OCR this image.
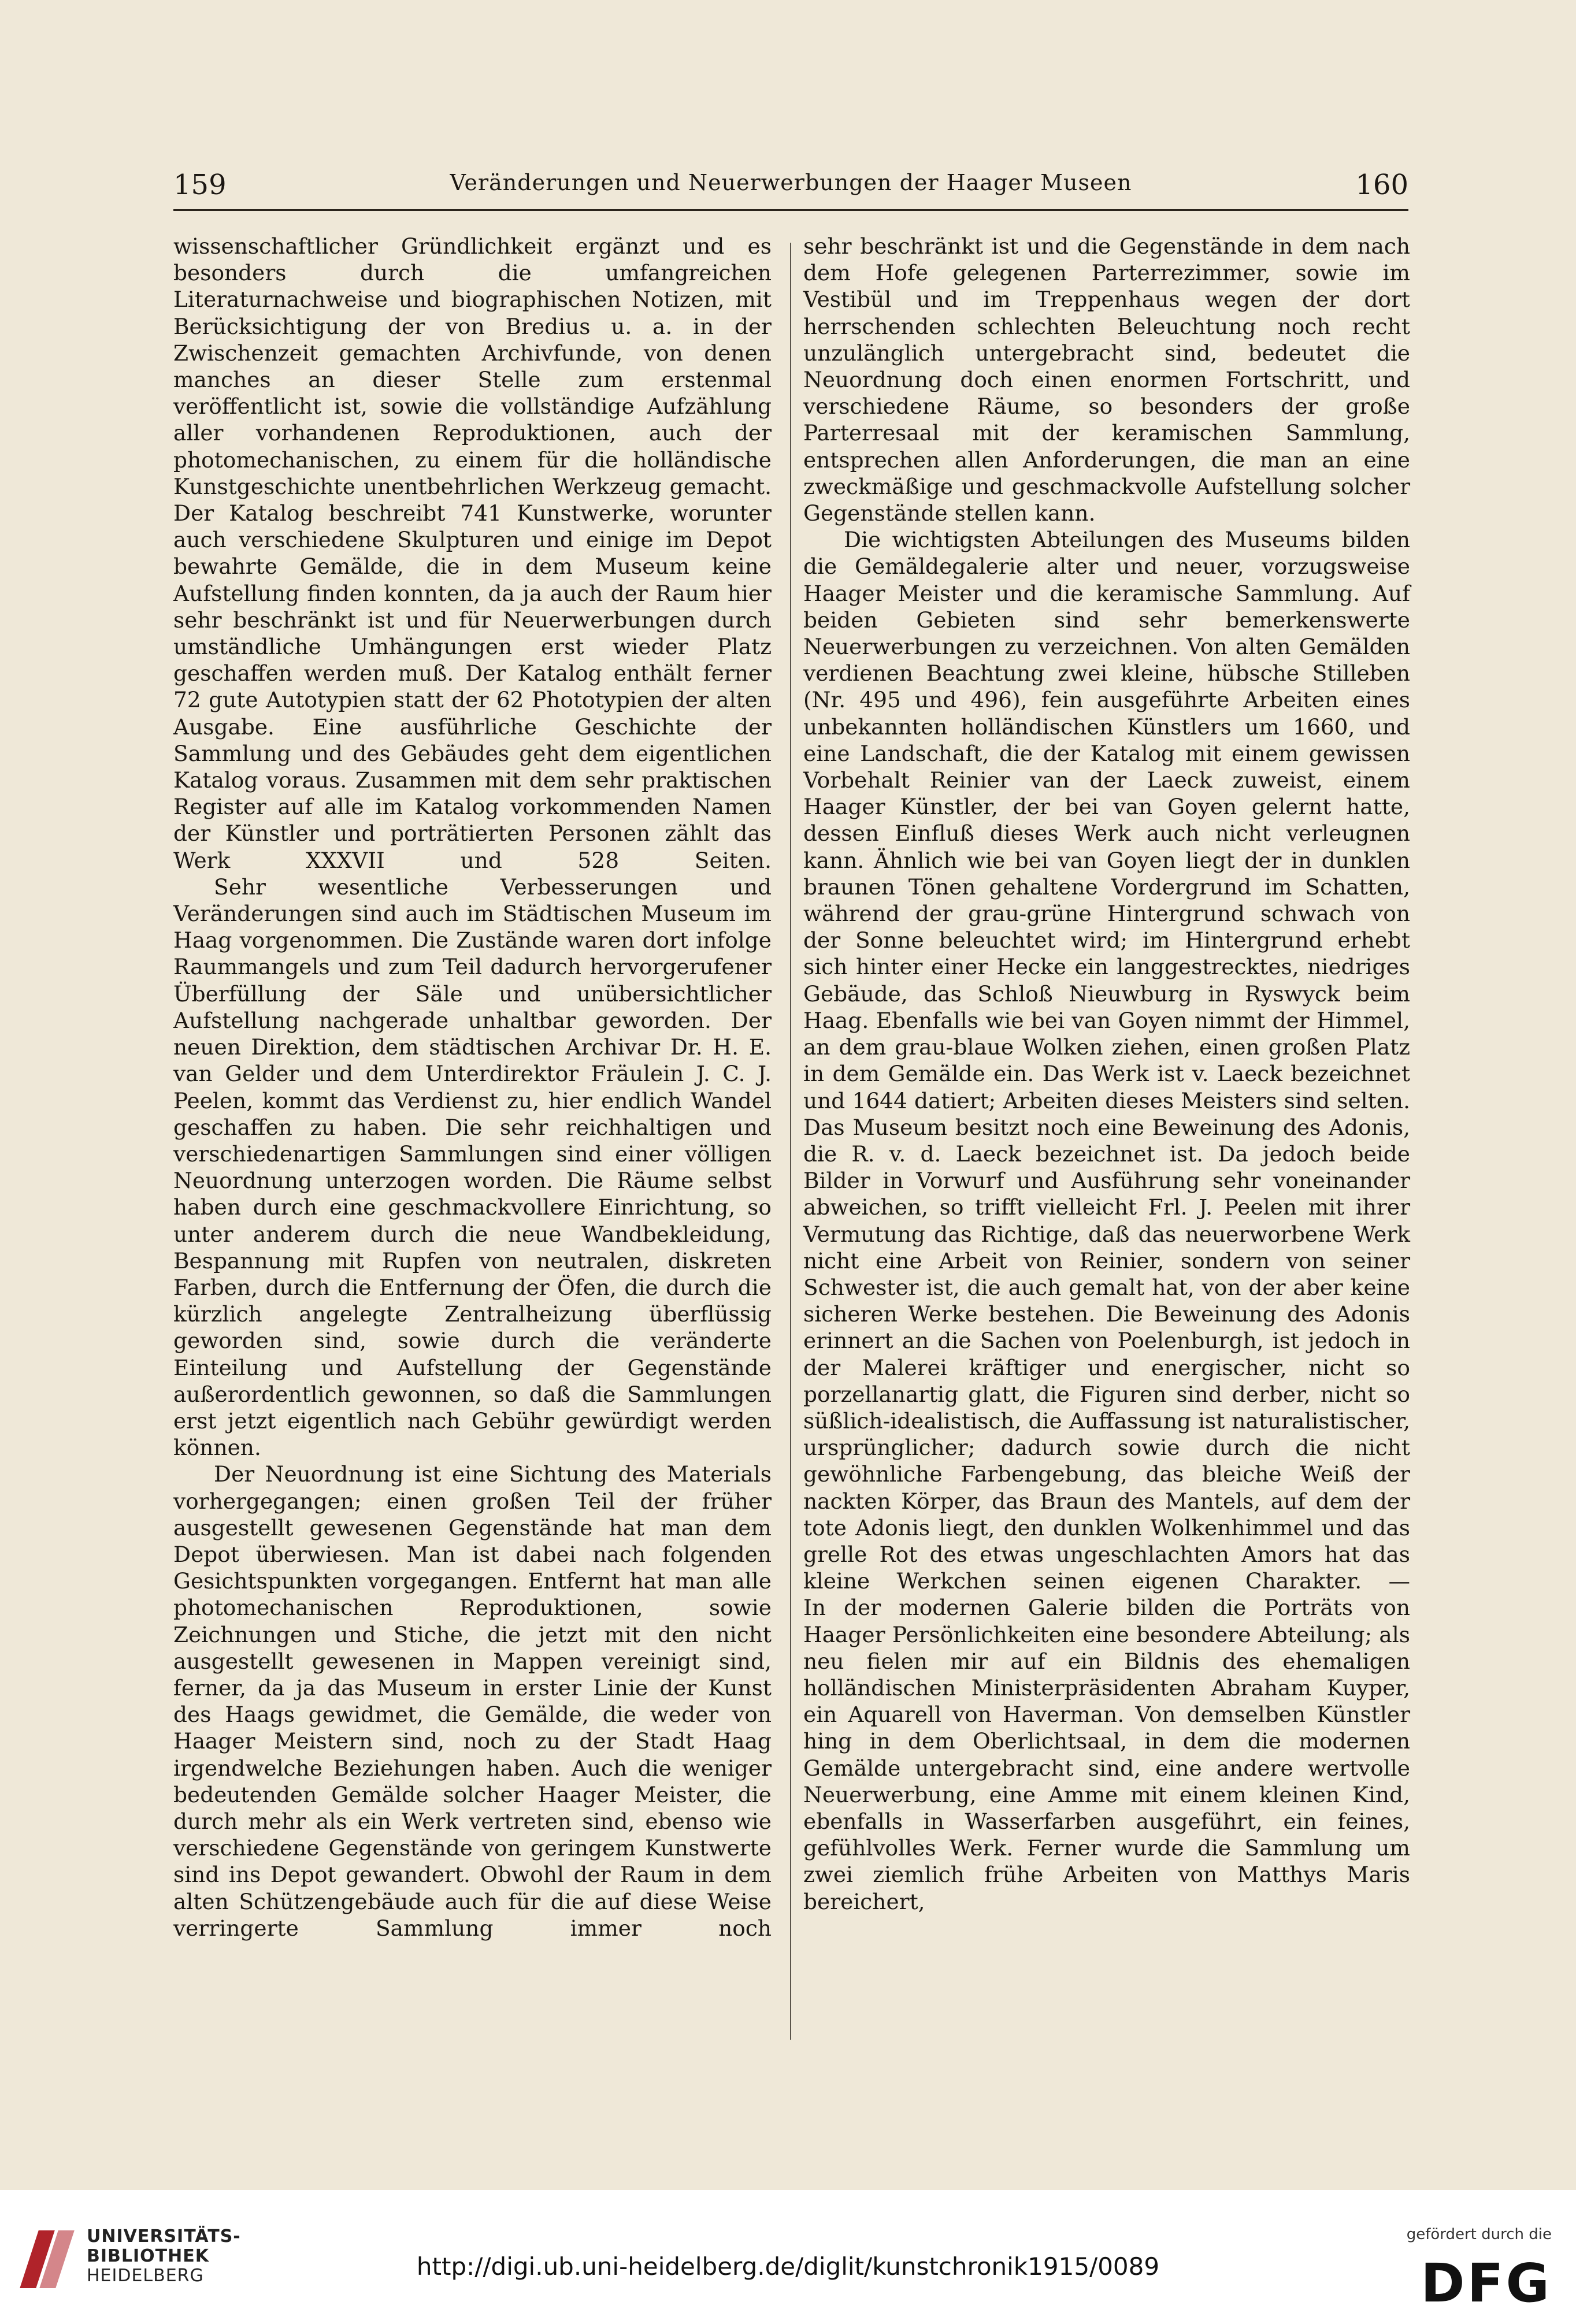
159	Veränderungen und Neuerwerbungen der Haager Museen	160

wissenschaftlicher Gründlichkeit ergänzt und es besonders durch die umfangreichen Literaturnachweise und biographischen Notizen, mit Berücksichtigung der von Bredius u. a. in der Zwischenzeit gemachten Archivfunde, von denen manches an dieser Stelle zum erstenmal veröffentlicht ist, sowie die vollständige Aufzählung aller vorhandenen Reproduktionen, auch der photomechanischen, zu einem für die holländische Kunstgeschichte unentbehrlichen Werkzeug gemacht. Der Katalog beschreibt 741 Kunstwerke, worunter auch verschiedene Skulpturen und einige im Depot bewahrte Gemälde, die in dem Museum keine Aufstellung finden konnten, da ja auch der Raum hier sehr beschränkt ist und für Neuerwerbungen durch umständliche Umhängungen erst wieder Platz geschaffen werden muß. Der Katalog enthält ferner 72 gute Autotypien statt der 62 Phototypien der alten Ausgabe. Eine ausführliche Geschichte der Sammlung und des Gebäudes geht dem eigentlichen Katalog voraus. Zusammen mit dem sehr praktischen Register auf alle im Katalog vorkommenden Namen der Künstler und porträtierten Personen zählt das Werk XXXVII und 528 Seiten.

Sehr wesentliche Verbesserungen und Veränderungen sind auch im Städtischen Museum im Haag vorgenommen. Die Zustände waren dort infolge Raummangels und zum Teil dadurch hervorgerufener Überfüllung der Säle und unübersichtlicher Aufstellung nachgerade unhaltbar geworden. Der neuen Direktion, dem städtischen Archivar Dr. H. E. van Gelder und dem Unterdirektor Fräulein J. C. J. Peelen, kommt das Verdienst zu, hier endlich Wandel geschaffen zu haben. Die sehr reichhaltigen und verschiedenartigen Sammlungen sind einer völligen Neuordnung unterzogen worden. Die Räume selbst haben durch eine geschmackvollere Einrichtung, so unter anderem durch die neue Wandbekleidung, Bespannung mit Rupfen von neutralen, diskreten Farben, durch die Entfernung der Öfen, die durch die kürzlich angelegte Zentralheizung überflüssig geworden sind, sowie durch die veränderte Einteilung und Aufstellung der Gegenstände außerordentlich gewonnen, so daß die Sammlungen erst jetzt eigentlich nach Gebühr gewürdigt werden können.

Der Neuordnung ist eine Sichtung des Materials vorhergegangen; einen großen Teil der früher ausgestellt gewesenen Gegenstände hat man dem Depot überwiesen. Man ist dabei nach folgenden Gesichtspunkten vorgegangen. Entfernt hat man alle photomechanischen Reproduktionen, sowie Zeichnungen und Stiche, die jetzt mit den nicht ausgestellt gewesenen in Mappen vereinigt sind, ferner, da ja das Museum in erster Linie der Kunst des Haags gewidmet, die Gemälde, die weder von Haager Meistern sind, noch zu der Stadt Haag irgendwelche Beziehungen haben. Auch die weniger bedeutenden Gemälde solcher Haager Meister, die durch mehr als ein Werk vertreten sind, ebenso wie verschiedene Gegenstände von geringem Kunstwerte sind ins Depot gewandert. Obwohl der Raum in dem alten Schützengebäude auch für die auf diese Weise verringerte Sammlung immer noch

sehr beschränkt ist und die Gegenstände in dem nach dem Hofe gelegenen Parterrezimmer, sowie im Vestibül und im Treppenhaus wegen der dort herrschenden schlechten Beleuchtung noch recht unzulänglich untergebracht sind, bedeutet die Neuordnung doch einen enormen Fortschritt, und verschiedene Räume, so besonders der große Parterresaal mit der keramischen Sammlung, entsprechen allen Anforderungen, die man an eine zweckmäßige und geschmackvolle Aufstellung solcher Gegenstände stellen kann.

Die wichtigsten Abteilungen des Museums bilden die Gemäldegalerie alter und neuer, vorzugsweise Haager Meister und die keramische Sammlung. Auf beiden Gebieten sind sehr bemerkenswerte Neuerwerbungen zu verzeichnen. Von alten Gemälden verdienen Beachtung zwei kleine, hübsche Stilleben (Nr. 495 und 496), fein ausgeführte Arbeiten eines unbekannten holländischen Künstlers um 1660, und eine Landschaft, die der Katalog mit einem gewissen Vorbehalt Reinier van der Laeck zuweist, einem Haager Künstler, der bei van Goyen gelernt hatte, dessen Einfluß dieses Werk auch nicht verleugnen kann. Ähnlich wie bei van Goyen liegt der in dunklen braunen Tönen gehaltene Vordergrund im Schatten, während der grau-grüne Hintergrund schwach von der Sonne beleuchtet wird; im Hintergrund erhebt sich hinter einer Hecke ein langgestrecktes, niedriges Gebäude, das Schloß Nieuwburg in Ryswyck beim Haag. Ebenfalls wie bei van Goyen nimmt der Himmel, an dem grau-blaue Wolken ziehen, einen großen Platz in dem Gemälde ein. Das Werk ist v. Laeck bezeichnet und 1644 datiert; Arbeiten dieses Meisters sind selten. Das Museum besitzt noch eine Beweinung des Adonis, die R. v. d. Laeck bezeichnet ist. Da jedoch beide Bilder in Vorwurf und Ausführung sehr voneinander abweichen, so trifft vielleicht Frl. J. Peelen mit ihrer Vermutung das Richtige, daß das neuerworbene Werk nicht eine Arbeit von Reinier, sondern von seiner Schwester ist, die auch gemalt hat, von der aber keine sicheren Werke bestehen. Die Beweinung des Adonis erinnert an die Sachen von Poelenburgh, ist jedoch in der Malerei kräftiger und energischer, nicht so porzellanartig glatt, die Figuren sind derber, nicht so süßlich-idealistisch, die Auffassung ist naturalistischer, ursprünglicher; dadurch sowie durch die nicht gewöhnliche Farbengebung, das bleiche Weiß der nackten Körper, das Braun des Mantels, auf dem der tote Adonis liegt, den dunklen Wolkenhimmel und das grelle Rot des etwas ungeschlachten Amors hat das kleine Werkchen seinen eigenen Charakter. —

In der modernen Galerie bilden die Porträts von Haager Persönlichkeiten eine besondere Abteilung; als neu fielen mir auf ein Bildnis des ehemaligen holländischen Ministerpräsidenten Abraham Kuyper, ein Aquarell von Haverman. Von demselben Künstler hing in dem Oberlichtsaal, in dem die modernen Gemälde untergebracht sind, eine andere wertvolle Neuerwerbung, eine Amme mit einem kleinen Kind, ebenfalls in Wasserfarben ausgeführt, ein feines, gefühlvolles Werk. Ferner wurde die Sammlung um zwei ziemlich frühe Arbeiten von Matthys Maris bereichert,

UNIVERSITÄTS-
BIBLIOTHEK
HEIDELBERG	http://digi.ub.uni-heidelberg.de/diglit/kunstchronik1915/0089
gefördert durch die
DFG
